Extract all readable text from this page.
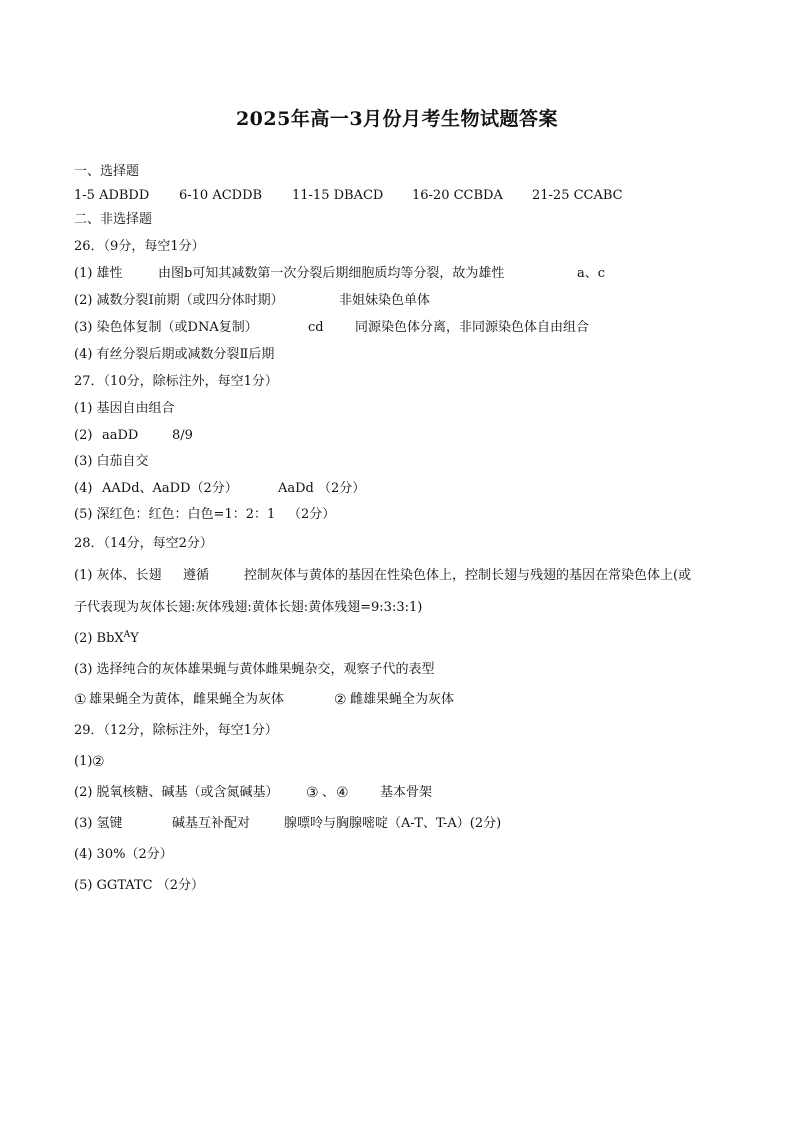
2025年高一3月份月考生物试题答案
一、选择题
1-5 ADBDD 6-10 ACDDB 11-15 DBACD 16-20 CCBDA 21-25 CCABC
二、非选择题
26．（9分，每空1分）
(1) 雄性	由图b可知其减数第一次分裂后期细胞质均等分裂，故为雄性	a、c
(2) 减数分裂Ⅰ前期（或四分体时期）	非姐妹染色单体
(3) 染色体复制（或DNA复制）	cd 同源染色体分离，非同源染色体自由组合
(4) 有丝分裂后期或减数分裂Ⅱ后期
27．（10分，除标注外，每空1分）
(1) 基因自由组合
(2) aaDD	8/9
(3) 白茄自交
(4) AADd、AaDD（2分）	AaDd （2分）
(5) 深红色：红色：白色=1：2：1 （2分）
28．（14分，每空2分）
(1) 灰体、长翅 遵循	控制灰体与黄体的基因在性染色体上，控制长翅与残翅的基因在常染色体上(或
子代表现为灰体长翅:灰体残翅:黄体长翅:黄体残翅=9:3:3:1)
(2) BbX$^A$Y
(3) 选择纯合的灰体雄果蝇与黄体雌果蝇杂交，观察子代的表型
① 雄果蝇全为黄体，雌果蝇全为灰体	② 雌雄果蝇全为灰体
29．（12分，除标注外，每空1分）
(1) ②
(2) 脱氧核糖、碱基（或含氮碱基） ③ 、 ④ 基本骨架
(3) 氢键	碱基互补配对	腺嘌呤与胸腺嘧啶（A-T、T-A）(2分)
(4) 30%（2分）
(5) GGTATC （2分）
